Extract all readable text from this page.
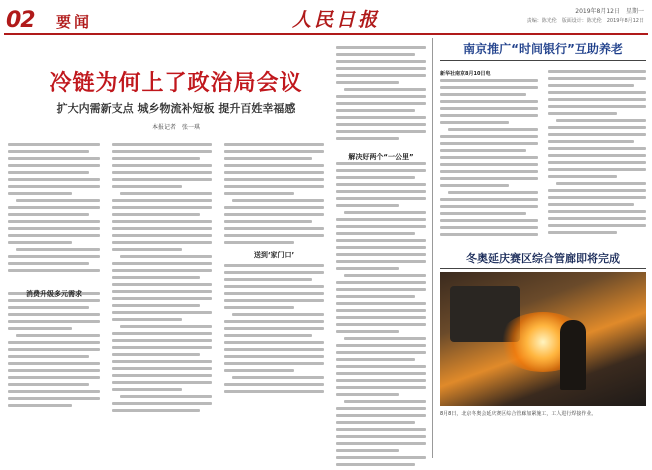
02 要闻	人民日报	2019年8月12日　星期一
责编：陈光伦　版面设计：陈光伦　2019年8月12日
冷链为何上了政治局会议
扩大内需新支点 城乡物流补短板 提升百姓幸福感
本报记者　张一琪
消费升级多元需求
送到‘家门口’
解决好两个“一公里”
南京推广“时间银行”互助养老
新华社南京8月10日电
冬奥延庆赛区综合管廊即将完成
8月8日，北京冬奥会延庆赛区综合管廊加紧施工，工人进行焊接作业。
